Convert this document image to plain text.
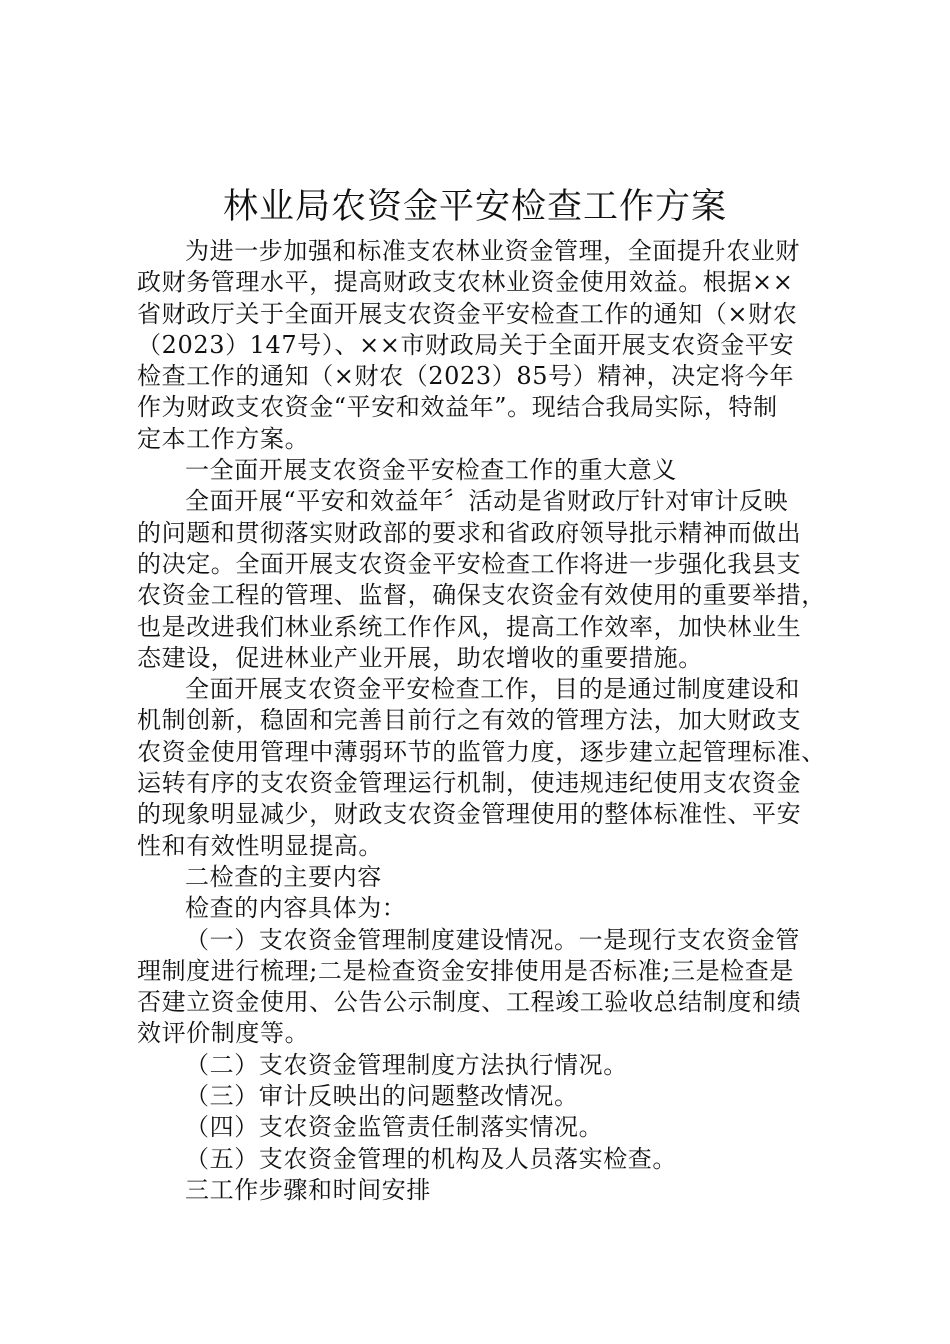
林业局农资金平安检查工作方案
为进一步加强和标准支农林业资金管理，全面提升农业财
政财务管理水平，提高财政支农林业资金使用效益。根据××
省财政厅关于全面开展支农资金平安检查工作的通知（×财农
（2023）147号）、××市财政局关于全面开展支农资金平安
检查工作的通知（×财农（2023）85号）精神，决定将今年
作为财政支农资金“平安和效益年”。现结合我局实际，特制
定本工作方案。
一全面开展支农资金平安检查工作的重大意义
全面开展“平安和效益年〞活动是省财政厅针对审计反映
的问题和贯彻落实财政部的要求和省政府领导批示精神而做出
的决定。全面开展支农资金平安检查工作将进一步强化我县支
农资金工程的管理、监督，确保支农资金有效使用的重要举措，
也是改进我们林业系统工作作风，提高工作效率，加快林业生
态建设，促进林业产业开展，助农增收的重要措施。
全面开展支农资金平安检查工作，目的是通过制度建设和
机制创新，稳固和完善目前行之有效的管理方法，加大财政支
农资金使用管理中薄弱环节的监管力度，逐步建立起管理标准、
运转有序的支农资金管理运行机制，使违规违纪使用支农资金
的现象明显减少，财政支农资金管理使用的整体标准性、平安
性和有效性明显提高。
二检查的主要内容
检查的内容具体为：
（一）支农资金管理制度建设情况。一是现行支农资金管
理制度进行梳理;二是检查资金安排使用是否标准;三是检查是
否建立资金使用、公告公示制度、工程竣工验收总结制度和绩
效评价制度等。
（二）支农资金管理制度方法执行情况。
（三）审计反映出的问题整改情况。
（四）支农资金监管责任制落实情况。
（五）支农资金管理的机构及人员落实检查。
三工作步骤和时间安排
